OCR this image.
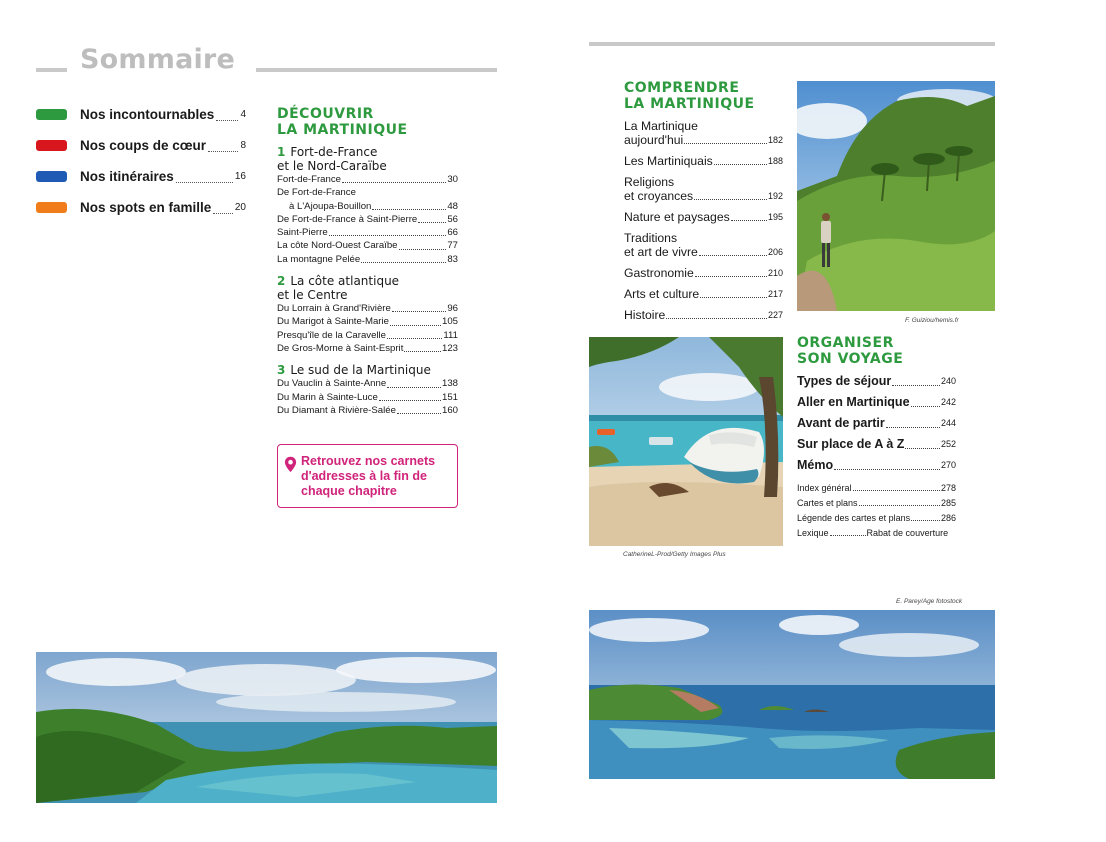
Sommaire
Nos incontournables	4
Nos coups de cœur	8
Nos itinéraires	16
Nos spots en famille 20
DÉCOUVRIR
LA MARTINIQUE
1 Fort-de-France
et le Nord-Caraïbe
Fort-de-France	30
De Fort-de-France
à L'Ajoupa-Bouillon	48
De Fort-de-France à Saint-Pierre	56
Saint-Pierre	66
La côte Nord-Ouest Caraïbe	77
La montagne Pelée	83
2 La côte atlantique
et le Centre
Du Lorrain à Grand'Rivière	96
Du Marigot à Sainte-Marie	105
Presqu'île de la Caravelle	111
De Gros-Morne à Saint-Esprit	123
3 Le sud de la Martinique
Du Vauclin à Sainte-Anne	138
Du Marin à Sainte-Luce	151
Du Diamant à Rivière-Salée	160
Retrouvez nos carnets
d'adresses à la fin de
chaque chapitre
COMPRENDRE
LA MARTINIQUE
La Martinique
aujourd'hui	182
Les Martiniquais	188
Religions
et croyances	192
Nature et paysages	195
Traditions
et art de vivre	206
Gastronomie	210
Arts et culture	217
Histoire	227
F. Guiziou/hemis.fr
CatherineL-Prod/Getty Images Plus
ORGANISER
SON VOYAGE
Types de séjour	240
Aller en Martinique	242
Avant de partir	244
Sur place de A à Z	252
Mémo	270
Index général	278
Cartes et plans	285
Légende des cartes et plans	286
Lexique	Rabat de couverture
E. Parey/Age fotostock
